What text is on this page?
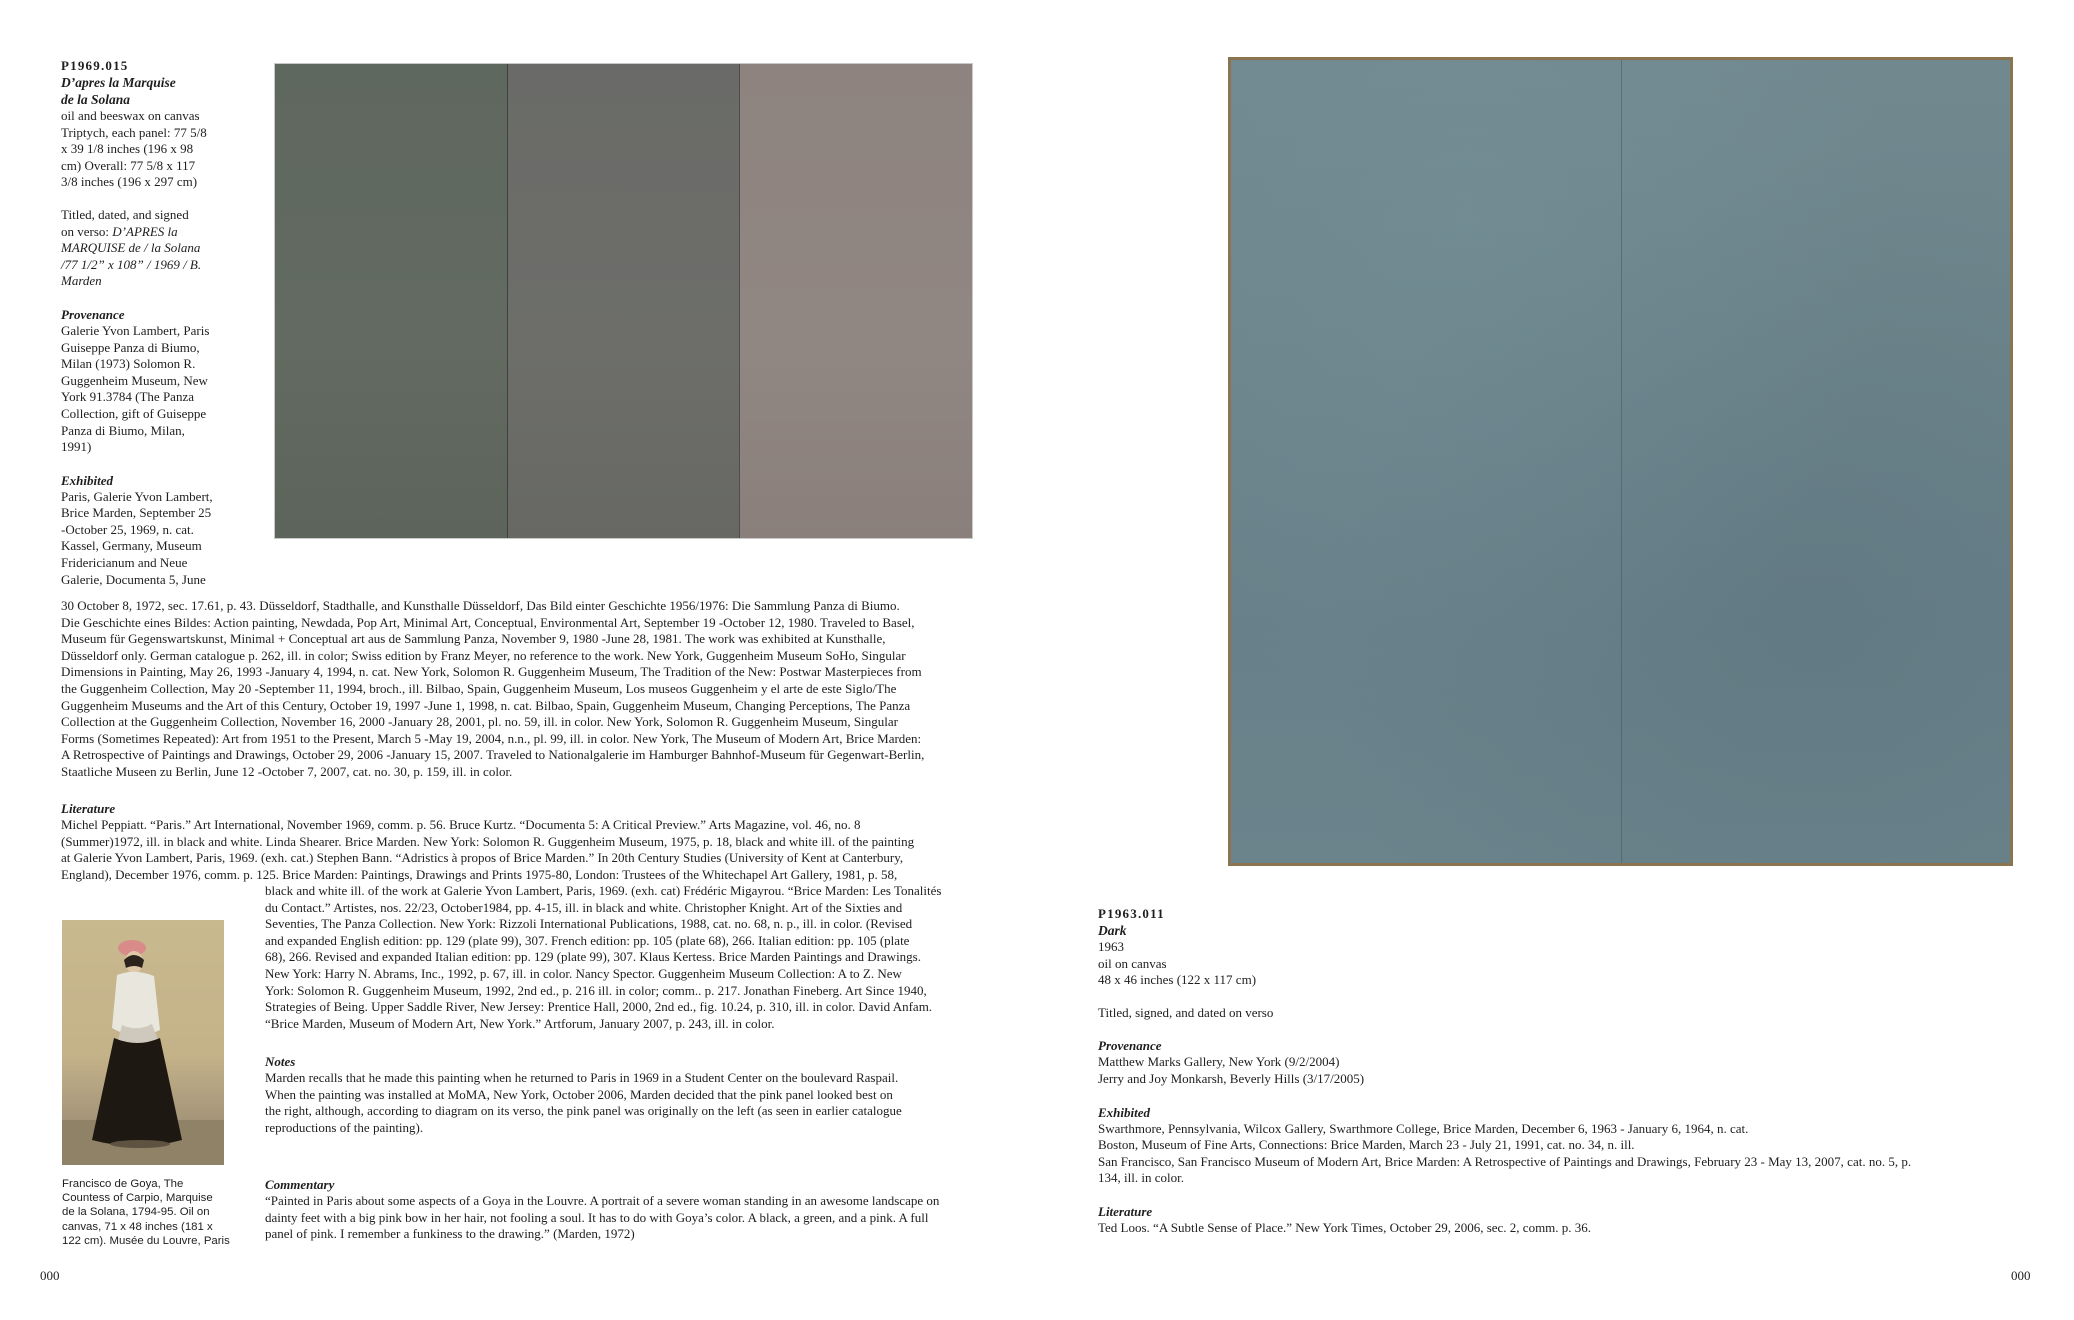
P1969.015
D’apres la Marquise
de la Solana
oil and beeswax on canvas
Triptych, each panel: 77 5/8
x 39 1/8 inches (196 x 98
cm) Overall: 77 5/8 x 117
3/8 inches (196 x 297 cm)
Titled, dated, and signed
on verso: D’APRES la
MARQUISE de / la Solana
/77 1/2” x 108” / 1969 / B.
Marden
Provenance
Galerie Yvon Lambert, Paris
Guiseppe Panza di Biumo,
Milan (1973) Solomon R.
Guggenheim Museum, New
York 91.3784 (The Panza
Collection, gift of Guiseppe
Panza di Biumo, Milan,
1991)
Exhibited
Paris, Galerie Yvon Lambert,
Brice Marden, September 25
-October 25, 1969, n. cat.
Kassel, Germany, Museum
Fridericianum and Neue
Galerie, Documenta 5, June
30 October 8, 1972, sec. 17.61, p. 43. Düsseldorf, Stadthalle, and Kunsthalle Düsseldorf, Das Bild einter Geschichte 1956/1976: Die Sammlung Panza di Biumo.
Die Geschichte eines Bildes: Action painting, Newdada, Pop Art, Minimal Art, Conceptual, Environmental Art, September 19 -October 12, 1980. Traveled to Basel,
Museum für Gegenswartskunst, Minimal + Conceptual art aus de Sammlung Panza, November 9, 1980 -June 28, 1981. The work was exhibited at Kunsthalle,
Düsseldorf only. German catalogue p. 262, ill. in color; Swiss edition by Franz Meyer, no reference to the work. New York, Guggenheim Museum SoHo, Singular
Dimensions in Painting, May 26, 1993 -January 4, 1994, n. cat. New York, Solomon R. Guggenheim Museum, The Tradition of the New: Postwar Masterpieces from
the Guggenheim Collection, May 20 -September 11, 1994, broch., ill. Bilbao, Spain, Guggenheim Museum, Los museos Guggenheim y el arte de este Siglo/The
Guggenheim Museums and the Art of this Century, October 19, 1997 -June 1, 1998, n. cat. Bilbao, Spain, Guggenheim Museum, Changing Perceptions, The Panza
Collection at the Guggenheim Collection, November 16, 2000 -January 28, 2001, pl. no. 59, ill. in color. New York, Solomon R. Guggenheim Museum, Singular
Forms (Sometimes Repeated): Art from 1951 to the Present, March 5 -May 19, 2004, n.n., pl. 99, ill. in color. New York, The Museum of Modern Art, Brice Marden:
A Retrospective of Paintings and Drawings, October 29, 2006 -January 15, 2007. Traveled to Nationalgalerie im Hamburger Bahnhof-Museum für Gegenwart-Berlin,
Staatliche Museen zu Berlin, June 12 -October 7, 2007, cat. no. 30, p. 159, ill. in color.
Literature
Michel Peppiatt. “Paris.” Art International, November 1969, comm. p. 56. Bruce Kurtz. “Documenta 5: A Critical Preview.” Arts Magazine, vol. 46, no. 8
(Summer)1972, ill. in black and white. Linda Shearer. Brice Marden. New York: Solomon R. Guggenheim Museum, 1975, p. 18, black and white ill. of the painting
at Galerie Yvon Lambert, Paris, 1969. (exh. cat.) Stephen Bann. “Adristics à propos of Brice Marden.” In 20th Century Studies (University of Kent at Canterbury,
England), December 1976, comm. p. 125. Brice Marden: Paintings, Drawings and Prints 1975-80, London: Trustees of the Whitechapel Art Gallery, 1981, p. 58,
black and white ill. of the work at Galerie Yvon Lambert, Paris, 1969. (exh. cat) Frédéric Migayrou. “Brice Marden: Les Tonalités
du Contact.” Artistes, nos. 22/23, October1984, pp. 4-15, ill. in black and white. Christopher Knight. Art of the Sixties and
Seventies, The Panza Collection. New York: Rizzoli International Publications, 1988, cat. no. 68, n. p., ill. in color. (Revised
and expanded English edition: pp. 129 (plate 99), 307. French edition: pp. 105 (plate 68), 266. Italian edition: pp. 105 (plate
68), 266. Revised and expanded Italian edition: pp. 129 (plate 99), 307. Klaus Kertess. Brice Marden Paintings and Drawings.
New York: Harry N. Abrams, Inc., 1992, p. 67, ill. in color. Nancy Spector. Guggenheim Museum Collection: A to Z. New
York: Solomon R. Guggenheim Museum, 1992, 2nd ed., p. 216 ill. in color; comm.. p. 217. Jonathan Fineberg. Art Since 1940,
Strategies of Being. Upper Saddle River, New Jersey: Prentice Hall, 2000, 2nd ed., fig. 10.24, p. 310, ill. in color. David Anfam.
“Brice Marden, Museum of Modern Art, New York.” Artforum, January 2007, p. 243, ill. in color.
Francisco de Goya, The
Countess of Carpio, Marquise
de la Solana, 1794-95. Oil on
canvas, 71 x 48 inches (181 x
122 cm). Musée du Louvre, Paris
Notes
Marden recalls that he made this painting when he returned to Paris in 1969 in a Student Center on the boulevard Raspail.
When the painting was installed at MoMA, New York, October 2006, Marden decided that the pink panel looked best on
the right, although, according to diagram on its verso, the pink panel was originally on the left (as seen in earlier catalogue
reproductions of the painting).
Commentary
“Painted in Paris about some aspects of a Goya in the Louvre. A portrait of a severe woman standing in an awesome landscape on
dainty feet with a big pink bow in her hair, not fooling a soul. It has to do with Goya’s color. A black, a green, and a pink. A full
panel of pink. I remember a funkiness to the drawing.” (Marden, 1972)
000
P1963.011
Dark
1963
oil on canvas
48 x 46 inches (122 x 117 cm)
Titled, signed, and dated on verso
Provenance
Matthew Marks Gallery, New York (9/2/2004)
Jerry and Joy Monkarsh, Beverly Hills (3/17/2005)
Exhibited
Swarthmore, Pennsylvania, Wilcox Gallery, Swarthmore College, Brice Marden, December 6, 1963 - January 6, 1964, n. cat.
Boston, Museum of Fine Arts, Connections: Brice Marden, March 23 - July 21, 1991, cat. no. 34, n. ill.
San Francisco, San Francisco Museum of Modern Art, Brice Marden: A Retrospective of Paintings and Drawings, February 23 - May 13, 2007, cat. no. 5, p.
134, ill. in color.
Literature
Ted Loos. “A Subtle Sense of Place.” New York Times, October 29, 2006, sec. 2, comm. p. 36.
000
